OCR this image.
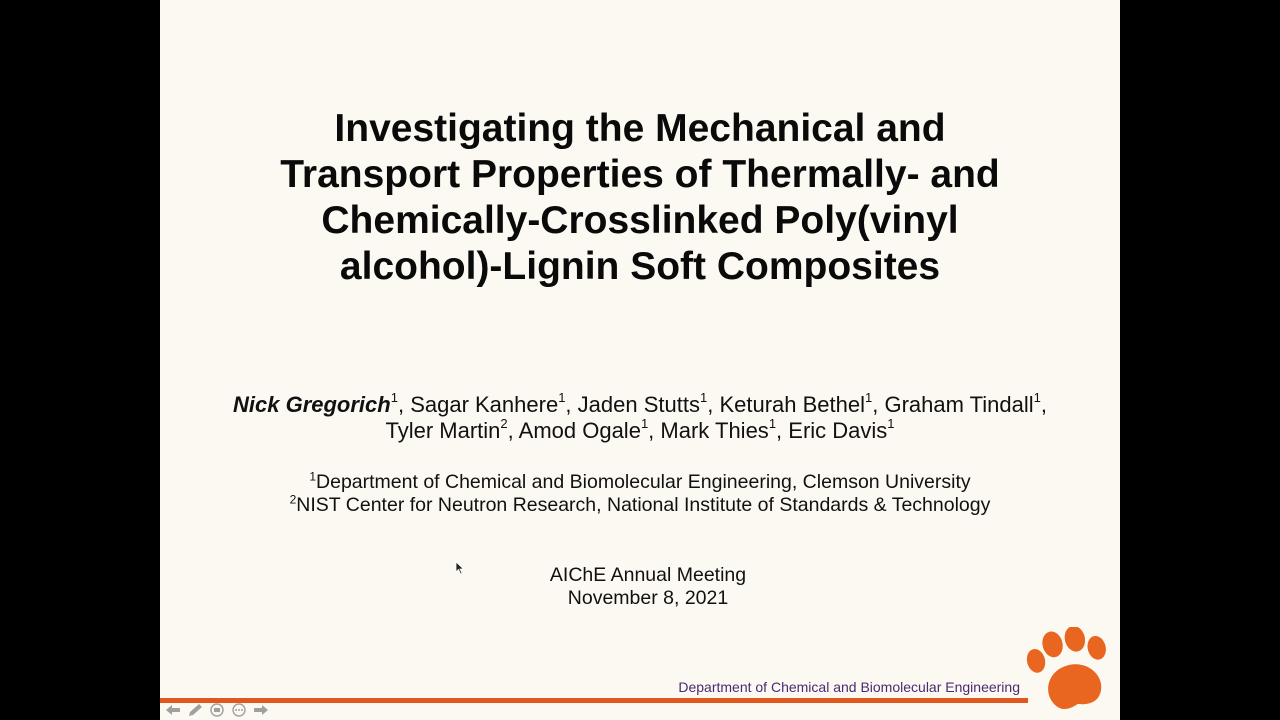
Investigating the Mechanical and
Transport Properties of Thermally- and
Chemically-Crosslinked Poly(vinyl
alcohol)-Lignin Soft Composites
Nick Gregorich$^1$, Sagar Kanhere$^1$, Jaden Stutts$^1$, Keturah Bethel$^1$, Graham Tindall$^1$,
Tyler Martin$^2$, Amod Ogale$^1$, Mark Thies$^1$, Eric Davis$^1$
$^1$Department of Chemical and Biomolecular Engineering, Clemson University
$^2$NIST Center for Neutron Research, National Institute of Standards & Technology
AIChE Annual Meeting
November 8, 2021
Department of Chemical and Biomolecular Engineering
